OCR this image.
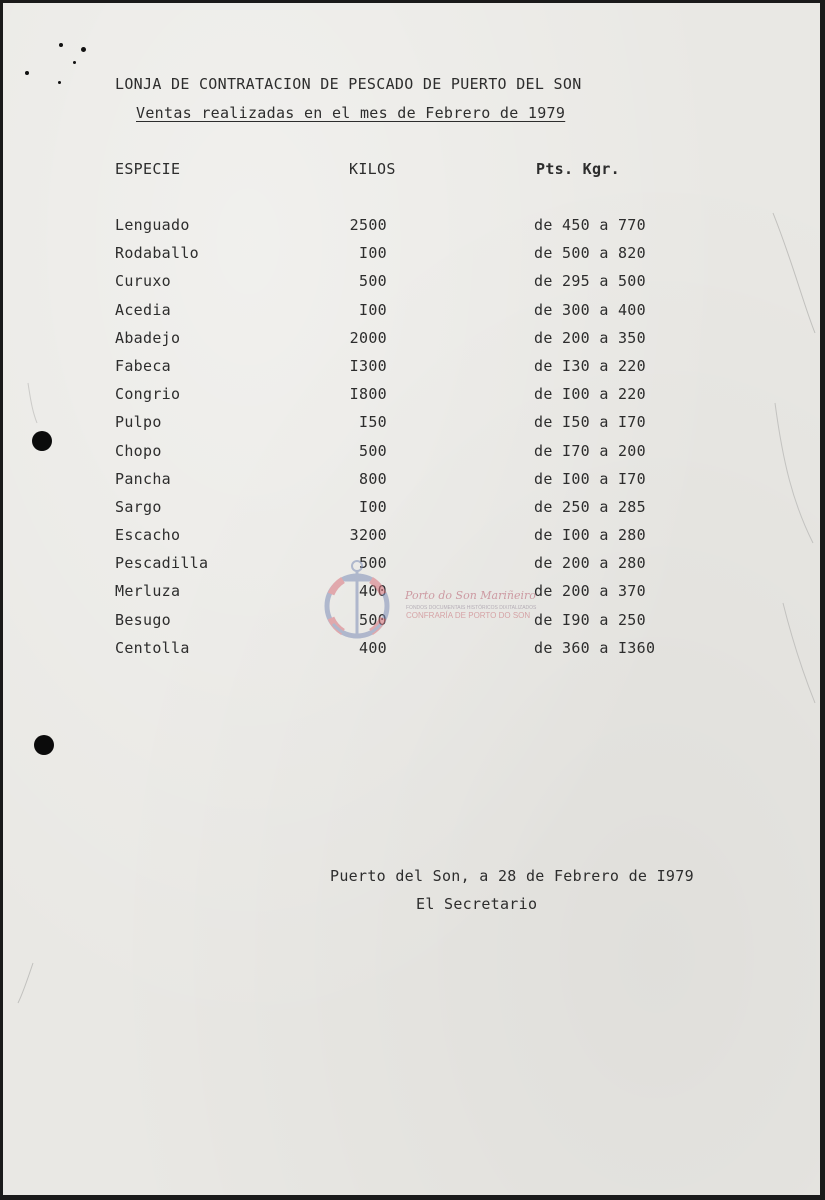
LONJA DE CONTRATACION DE PESCADO DE PUERTO DEL SON
Ventas realizadas en el mes de Febrero de 1979
ESPECIE	KILOS	Pts. Kgr.
Lenguado	2500	de 450 a 770
Rodaballo	I00	de 500 a 820
Curuxo	500	de 295 a 500
Acedia	I00	de 300 a 400
Abadejo	2000	de 200 a 350
Fabeca	I300	de I30 a 220
Congrio	I800	de I00 a 220
Pulpo	I50	de I50 a I70
Chopo	500	de I70 a 200
Pancha	800	de I00 a I70
Sargo	I00	de 250 a 285
Escacho	3200	de I00 a 280
Pescadilla	500	de 200 a 280
Merluza	400	de 200 a 370
Besugo	500	de I90 a 250
Centolla	400	de 360 a I360
Porto do Son Mariñeiro
FONDOS DOCUMENTAIS HISTÓRICOS DIXITALIZADOS
CONFRARÍA DE PORTO DO SON
Puerto del Son, a 28 de Febrero de I979
El Secretario
